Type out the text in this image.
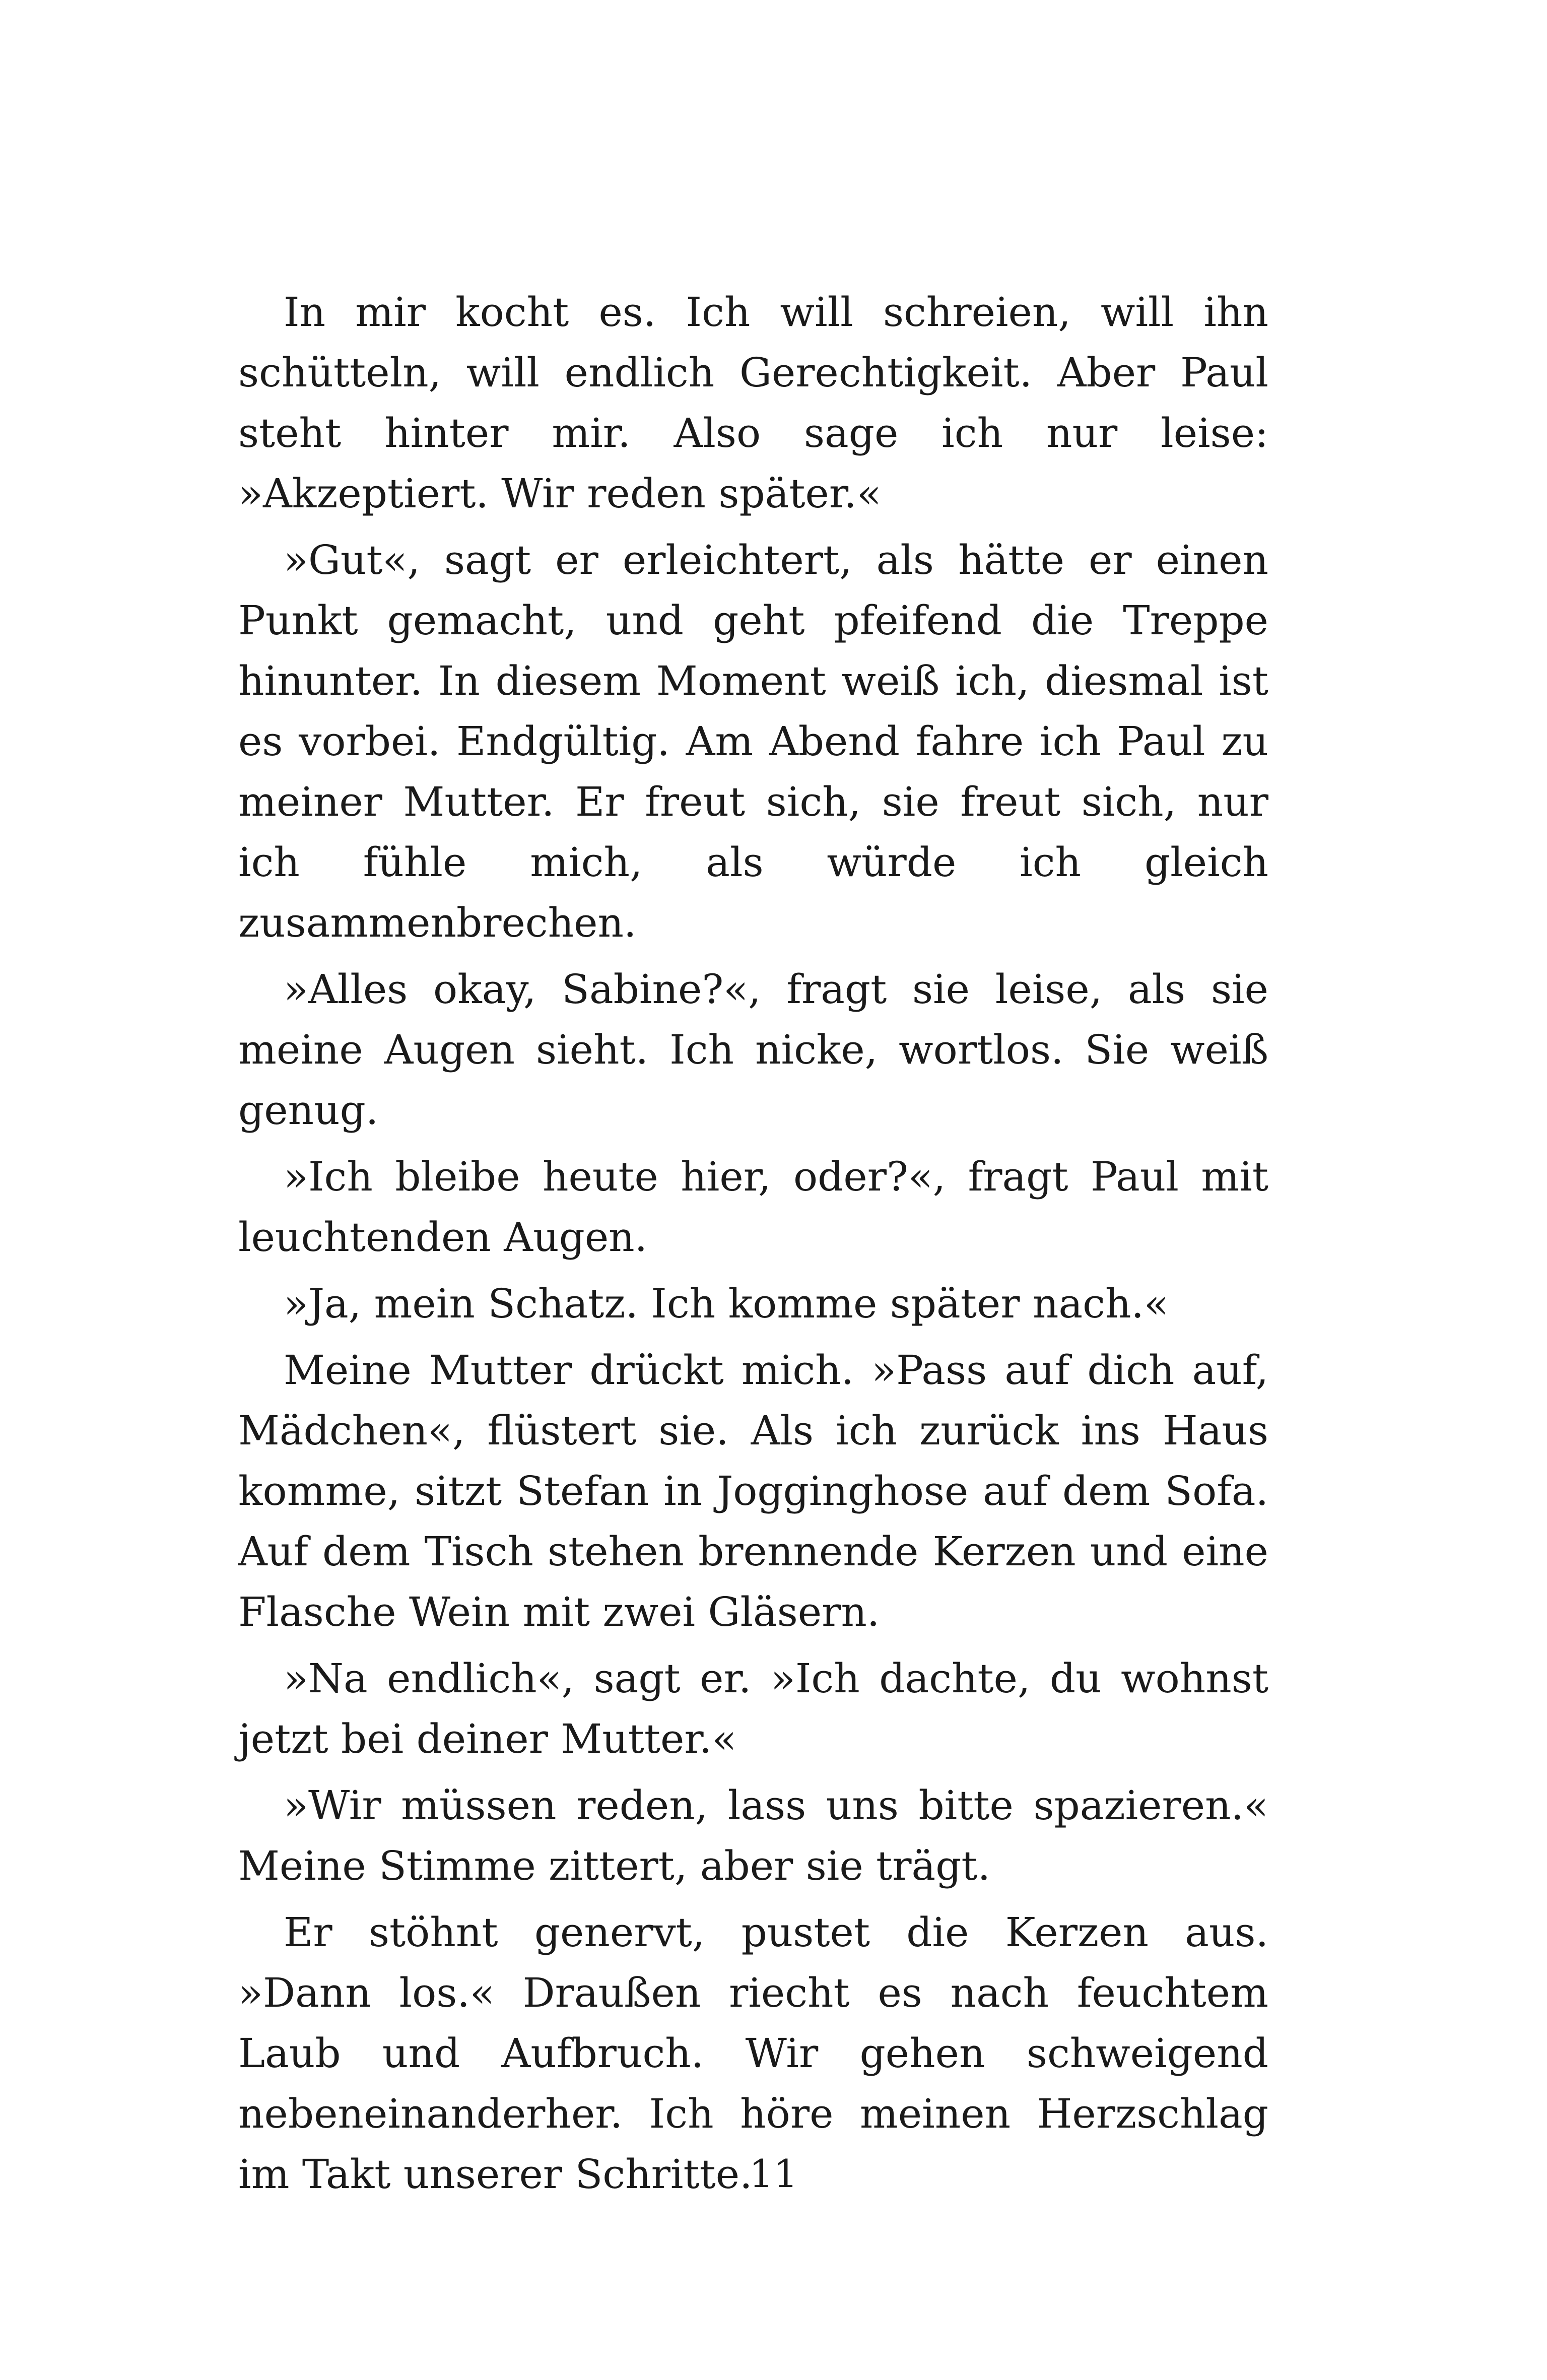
In mir kocht es. Ich will schreien, will ihn schütteln, will endlich Gerechtigkeit. Aber Paul steht hinter mir. Also sage ich nur leise: »Akzeptiert. Wir reden später.«

»Gut«, sagt er erleichtert, als hätte er einen Punkt gemacht, und geht pfeifend die Treppe hinunter. In diesem Moment weiß ich, diesmal ist es vorbei. Endgültig. Am Abend fahre ich Paul zu meiner Mutter. Er freut sich, sie freut sich, nur ich fühle mich, als würde ich gleich zusammenbrechen.

»Alles okay, Sabine?«, fragt sie leise, als sie meine Augen sieht. Ich nicke, wortlos. Sie weiß genug.

»Ich bleibe heute hier, oder?«, fragt Paul mit leuchtenden Augen.

»Ja, mein Schatz. Ich komme später nach.«

Meine Mutter drückt mich. »Pass auf dich auf, Mädchen«, flüstert sie. Als ich zurück ins Haus komme, sitzt Stefan in Jogginghose auf dem Sofa. Auf dem Tisch stehen brennende Kerzen und eine Flasche Wein mit zwei Gläsern.

»Na endlich«, sagt er. »Ich dachte, du wohnst jetzt bei deiner Mutter.«

»Wir müssen reden, lass uns bitte spazieren.« Meine Stimme zittert, aber sie trägt.

Er stöhnt genervt, pustet die Kerzen aus. »Dann los.« Draußen riecht es nach feuchtem Laub und Aufbruch. Wir gehen schweigend nebeneinanderher. Ich höre meinen Herzschlag im Takt unserer Schritte.

11
